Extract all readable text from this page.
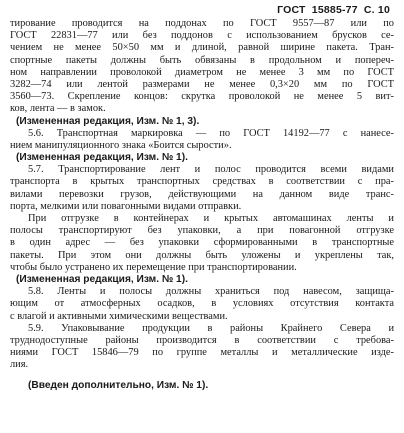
ГОСТ 15885-77 С. 10
тирование проводится на поддонах по ГОСТ 9557—87 или по
ГОСТ 22831—77 или без поддонов с использованием брусков се-
чением не менее 50×50 мм и длиной, равной ширине пакета. Тран-
спортные пакеты должны быть обвязаны в продольном и попереч-
ном направлении проволокой диаметром не менее 3 мм по ГОСТ
3282—74 или лентой размерами не менее 0,3×20 мм по ГОСТ
3560—73. Скрепление концов: скрутка проволокой не менее 5 вит-
ков, лента — в замок.
(Измененная редакция, Изм. № 1, 3).
5.6. Транспортная маркировка — по ГОСТ 14192—77 с нанесе-
нием манипуляционного знака «Боится сырости».
(Измененная редакция, Изм. № 1).
5.7. Транспортирование лент и полос проводится всеми видами
транспорта в крытых транспортных средствах в соответствии с пра-
вилами перевозки грузов, действующими на данном виде транс-
порта, мелкими или повагонными видами отправки.
При отгрузке в контейнерах и крытых автомашинах ленты и
полосы транспортируют без упаковки, а при повагонной отгрузке
в один адрес — без упаковки сформированными в транспортные
пакеты. При этом они должны быть уложены и укреплены так,
чтобы было устранено их перемещение при транспортировании.
(Измененная редакция, Изм. № 1).
5.8. Ленты и полосы должны храниться под навесом, защища-
ющим от атмосферных осадков, в условиях отсутствия контакта
с влагой и активными химическими веществами.
5.9. Упаковывание продукции в районы Крайнего Севера и
труднодоступные районы производится в соответствии с требова-
ниями ГОСТ 15846—79 по группе металлы и металлические изде-
лия.
(Введен дополнительно, Изм. № 1).
